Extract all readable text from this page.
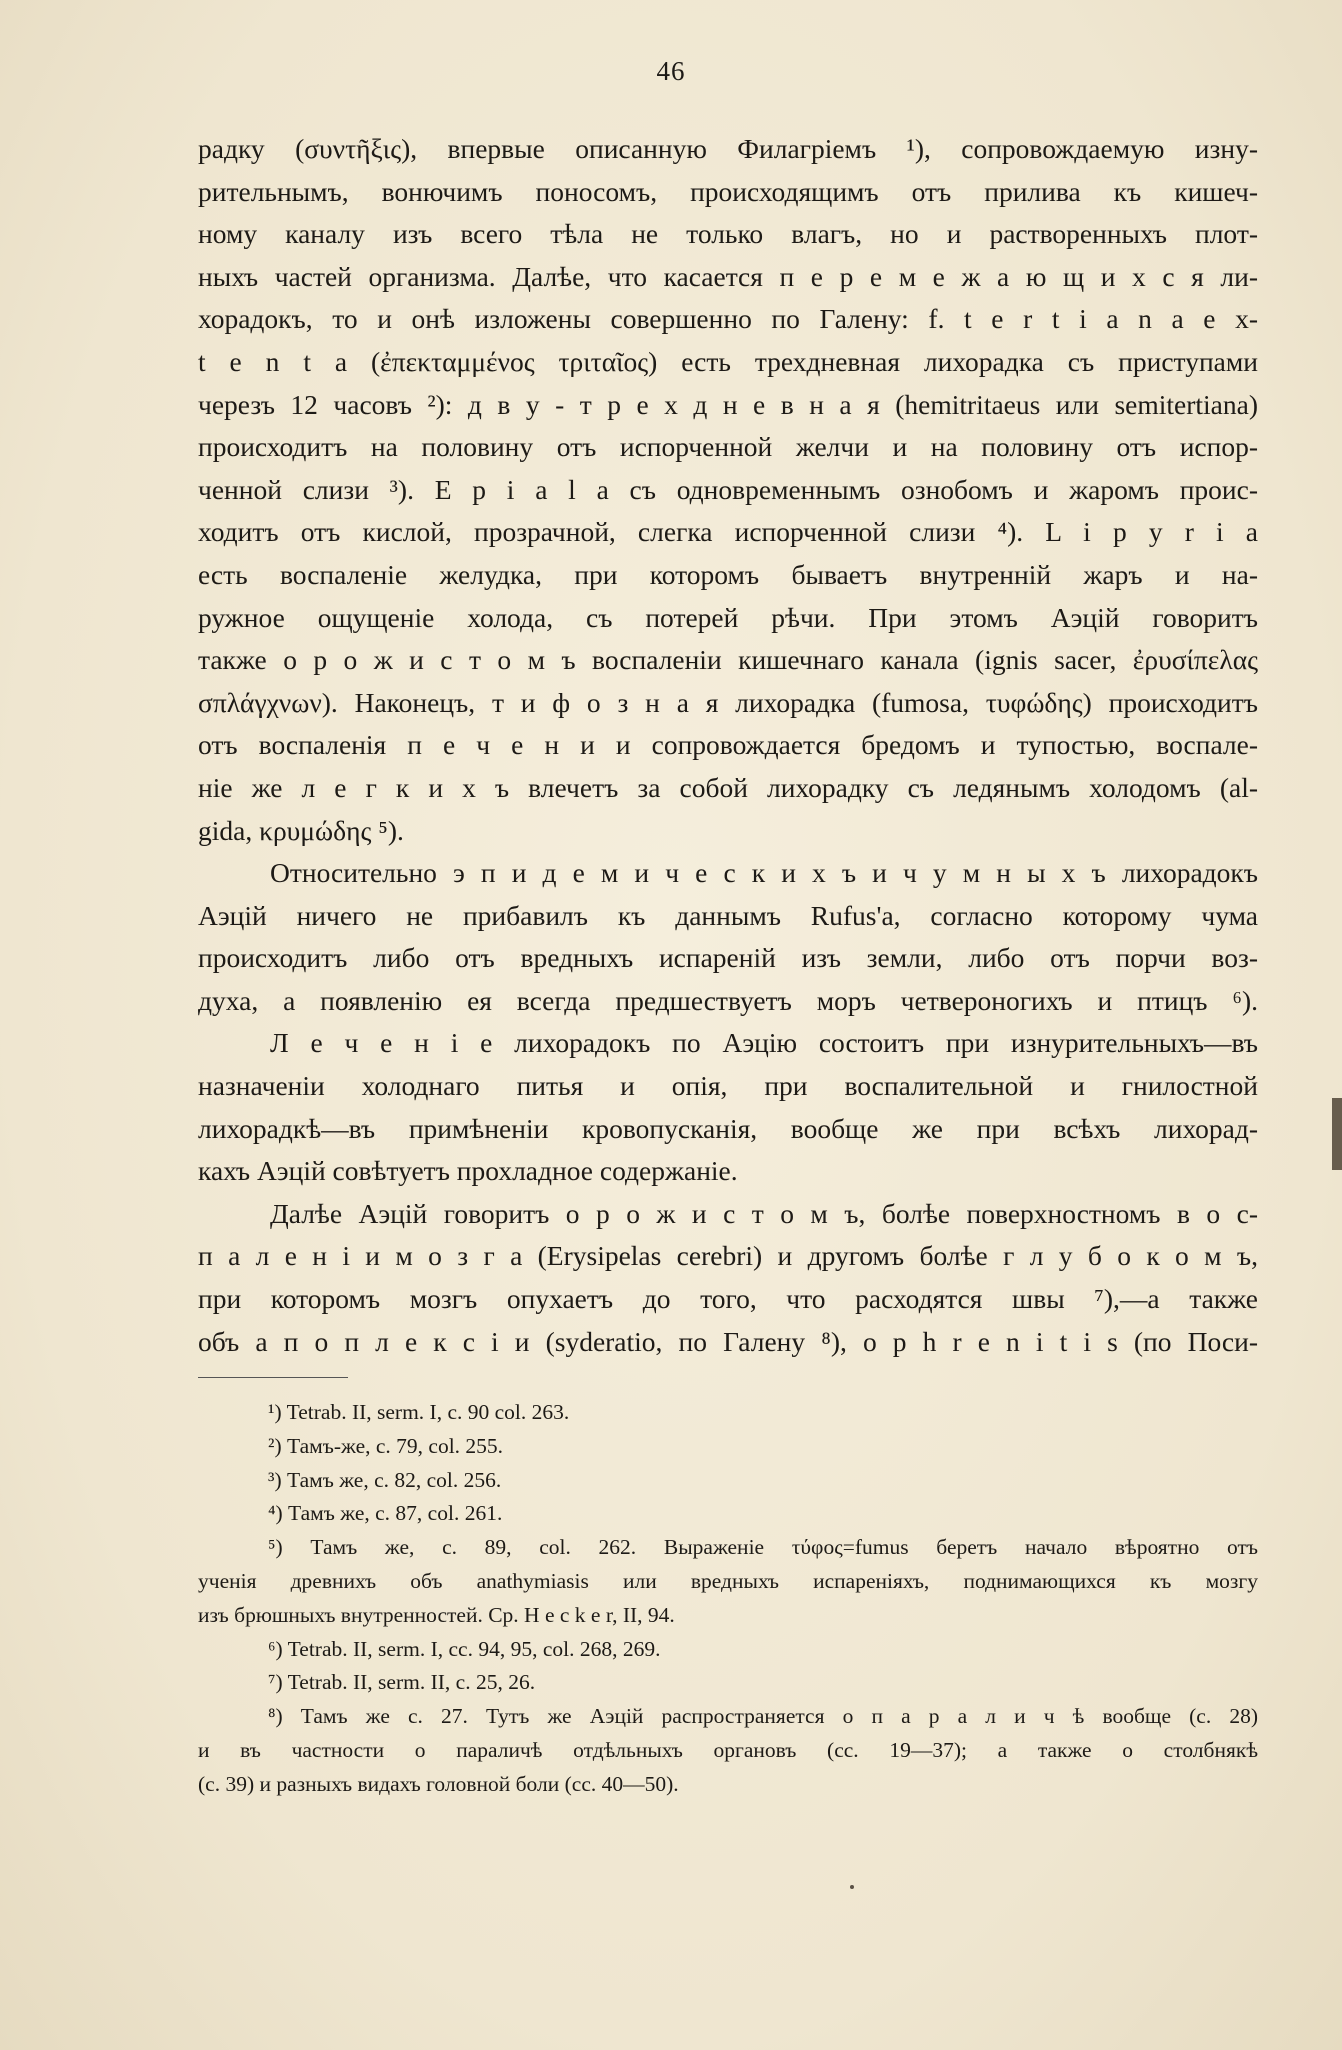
46
радку (συντῆξις), впервые описанную Филагріемъ ¹), сопровождаемую изну-
рительнымъ, вонючимъ поносомъ, происходящимъ отъ прилива къ кишеч-
ному каналу изъ всего тѣла не только влагъ, но и растворенныхъ плот-
ныхъ частей организма. Далѣе, что касается п е р е м е ж а ю щ и х с я ли-
хорадокъ, то и онѣ изложены совершенно по Галену: f. t e r t i a n a e x-
t e n t a (ἐπεκταμμένος τριταῖος) есть трехдневная лихорадка съ приступами
черезъ 12 часовъ ²): д в у - т р е х д н е в н а я (hemitritaeus или semitertiana)
происходитъ на половину отъ испорченной желчи и на половину отъ испор-
ченной слизи ³). E p i a l a съ одновременнымъ ознобомъ и жаромъ проис-
ходитъ отъ кислой, прозрачной, слегка испорченной слизи ⁴). L i p y r i a
есть воспаленіе желудка, при которомъ бываетъ внутренній жаръ и на-
ружное ощущеніе холода, съ потерей рѣчи. При этомъ Аэцій говоритъ
также о р о ж и с т о м ъ воспаленіи кишечнаго канала (ignis sacer, ἐρυσίπελας
σπλάγχνων). Наконецъ, т и ф о з н а я лихорадка (fumosa, τυφώδης) происходитъ
отъ воспаленія п е ч е н и и сопровождается бредомъ и тупостью, воспале-
ніе же л е г к и х ъ влечетъ за собой лихорадку съ ледянымъ холодомъ (al-
gida, κρυμώδης ⁵).
Относительно э п и д е м и ч е с к и х ъ и ч у м н ы х ъ лихорадокъ
Аэцій ничего не прибавилъ къ даннымъ Rufus'а, согласно которому чума
происходитъ либо отъ вредныхъ испареній изъ земли, либо отъ порчи воз-
духа, а появленію ея всегда предшествуетъ моръ четвероногихъ и птицъ ⁶).
Л е ч е н і е лихорадокъ по Аэцію состоитъ при изнурительныхъ—въ
назначеніи холоднаго питья и опія, при воспалительной и гнилостной
лихорадкѣ—въ примѣненіи кровопусканія, вообще же при всѣхъ лихорад-
кахъ Аэцій совѣтуетъ прохладное содержаніе.
Далѣе Аэцій говоритъ о р о ж и с т о м ъ, болѣе поверхностномъ в о с-
п а л е н і и м о з г а (Erysipelas cerebri) и другомъ болѣе г л у б о к о м ъ,
при которомъ мозгъ опухаетъ до того, что расходятся швы ⁷),—а также
объ а п о п л е к с і и (syderatio, по Галену ⁸), о p h r e n i t i s (по Поси-
¹) Tetrab. II, serm. I, c. 90 col. 263.
²) Тамъ-же, с. 79, col. 255.
³) Тамъ же, с. 82, col. 256.
⁴) Тамъ же, с. 87, col. 261.
⁵) Тамъ же, с. 89, col. 262. Выраженіе τύφος=fumus беретъ начало вѣроятно отъ
ученія древнихъ объ anathymiasis или вредныхъ испареніяхъ, поднимающихся къ мозгу
изъ брюшныхъ внутренностей. Ср. H e c k e r, II, 94.
⁶) Tetrab. II, serm. I, cc. 94, 95, col. 268, 269.
⁷) Tetrab. II, serm. II, c. 25, 26.
⁸) Тамъ же с. 27. Тутъ же Аэцій распространяется о п а р а л и ч ѣ вообще (с. 28)
и въ частности о параличѣ отдѣльныхъ органовъ (сс. 19—37); а также о столбнякѣ
(с. 39) и разныхъ видахъ головной боли (сс. 40—50).
